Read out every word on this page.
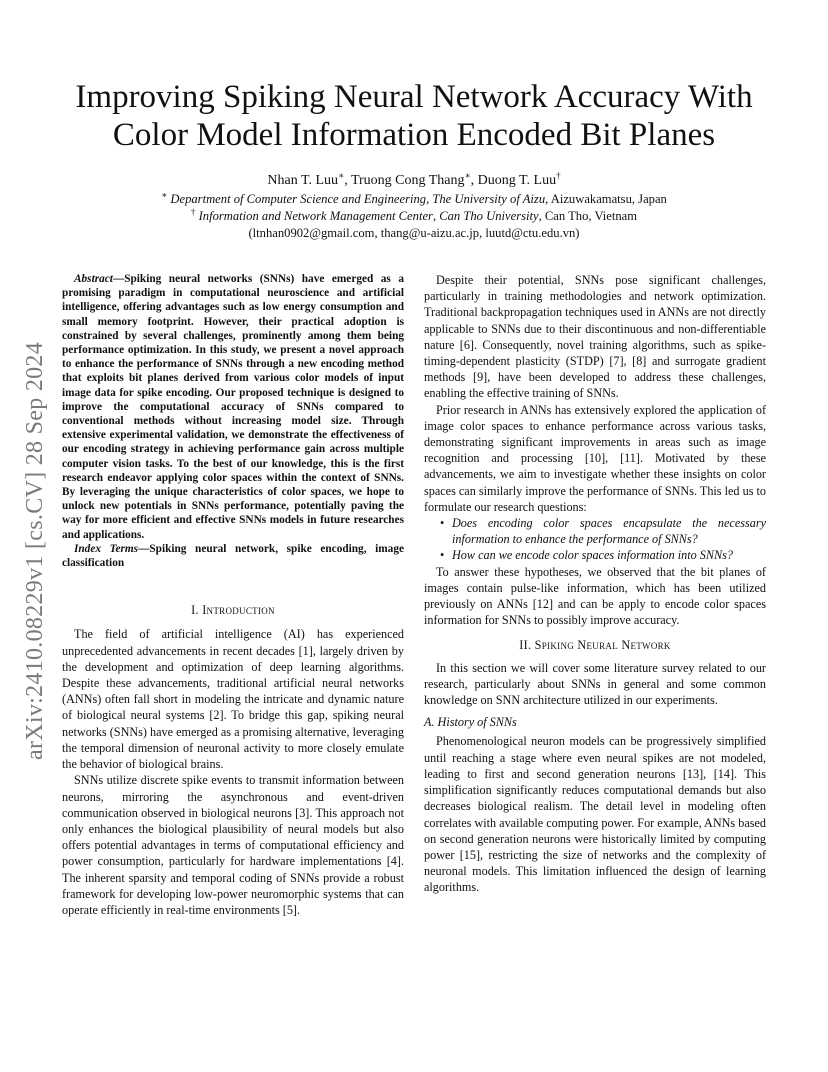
Improving Spiking Neural Network Accuracy With
Color Model Information Encoded Bit Planes
Nhan T. Luu∗, Truong Cong Thang∗, Duong T. Luu†
∗ Department of Computer Science and Engineering, The University of Aizu, Aizuwakamatsu, Japan
† Information and Network Management Center, Can Tho University, Can Tho, Vietnam
(ltnhan0902@gmail.com, thang@u-aizu.ac.jp, luutd@ctu.edu.vn)
arXiv:2410.08229v1 [cs.CV] 28 Sep 2024

Abstract—Spiking neural networks (SNNs) have emerged as a promising paradigm in computational neuroscience and artificial intelligence, offering advantages such as low energy consumption and small memory footprint. However, their practical adoption is constrained by several challenges, prominently among them being performance optimization. In this study, we present a novel approach to enhance the performance of SNNs through a new encoding method that exploits bit planes derived from various color models of input image data for spike encoding. Our proposed technique is designed to improve the computational accuracy of SNNs compared to conventional methods without increasing model size. Through extensive experimental validation, we demonstrate the effectiveness of our encoding strategy in achieving performance gain across multiple computer vision tasks. To the best of our knowledge, this is the first research endeavor applying color spaces within the context of SNNs. By leveraging the unique characteristics of color spaces, we hope to unlock new potentials in SNNs performance, potentially paving the way for more efficient and effective SNNs models in future researches and applications.

Index Terms—Spiking neural network, spike encoding, image classification

I. Introduction

The field of artificial intelligence (AI) has experienced unprecedented advancements in recent decades [1], largely driven by the development and optimization of deep learning algorithms. Despite these advancements, traditional artificial neural networks (ANNs) often fall short in modeling the intricate and dynamic nature of biological neural systems [2]. To bridge this gap, spiking neural networks (SNNs) have emerged as a promising alternative, leveraging the temporal dimension of neuronal activity to more closely emulate the behavior of biological brains.

SNNs utilize discrete spike events to transmit information between neurons, mirroring the asynchronous and event-driven communication observed in biological neurons [3]. This approach not only enhances the biological plausibility of neural models but also offers potential advantages in terms of computational efficiency and power consumption, particularly for hardware implementations [4]. The inherent sparsity and temporal coding of SNNs provide a robust framework for developing low-power neuromorphic systems that can operate efficiently in real-time environments [5].

Despite their potential, SNNs pose significant challenges, particularly in training methodologies and network optimization. Traditional backpropagation techniques used in ANNs are not directly applicable to SNNs due to their discontinuous and non-differentiable nature [6]. Consequently, novel training algorithms, such as spike-timing-dependent plasticity (STDP) [7], [8] and surrogate gradient methods [9], have been developed to address these challenges, enabling the effective training of SNNs.

Prior research in ANNs has extensively explored the application of image color spaces to enhance performance across various tasks, demonstrating significant improvements in areas such as image recognition and processing [10], [11]. Motivated by these advancements, we aim to investigate whether these insights on color spaces can similarly improve the performance of SNNs. This led us to formulate our research questions:

• Does encoding color spaces encapsulate the necessary information to enhance the performance of SNNs?
• How can we encode color spaces information into SNNs?

To answer these hypotheses, we observed that the bit planes of images contain pulse-like information, which has been utilized previously on ANNs [12] and can be apply to encode color spaces information for SNNs to possibly improve accuracy.

II. Spiking Neural Network

In this section we will cover some literature survey related to our research, particularly about SNNs in general and some common knowledge on SNN architecture utilized in our experiments.

A. History of SNNs

Phenomenological neuron models can be progressively simplified until reaching a stage where even neural spikes are not modeled, leading to first and second generation neurons [13], [14]. This simplification significantly reduces computational demands but also decreases biological realism. The detail level in modeling often correlates with available computing power. For example, ANNs based on second generation neurons were historically limited by computing power [15], restricting the size of networks and the complexity of neuronal models. This limitation influenced the design of learning algorithms.
